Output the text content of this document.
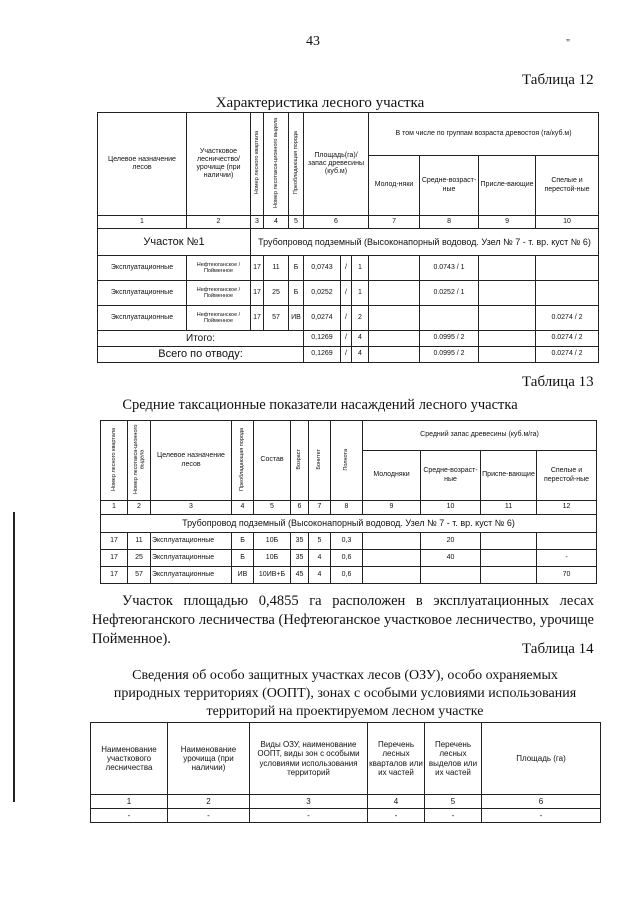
43	"
Таблица 12
Характеристика лесного участка
Целевое назначение лесов	Участковое лесничество/ урочище (при наличии)	Номер лесного квартала	Номер лесотакса-ционного выдела	Преобладающая порода	Площадь(га)/ запас древесины (куб.м)			В том числе по группам возраста древостоя (га/куб.м)			
								Молод-няки	Средне-возраст- ные	Присле-вающие	Спелые и перестой-ные
1	2	3	4	5	6			7	8	9	10
Участок №1		Трубопровод подземный (Высоконапорный водовод. Узел № 7 - т. вр. куст № 6)									
Эксплуатационные	Нефтеюганское / Пойменное	17	11	Б	0,0743	/	1		0.0743 / 1		
Эксплуатационные	Нефтеюганское / Пойменное	17	25	Б	0,0252	/	1		0.0252 / 1		
Эксплуатационные	Нефтеюганское / Пойменное	17	57	ИВ	0,0274	/	2				0.0274 / 2
Итого:					0,1269	/	4		0.0995 / 2		0.0274 / 2
Всего по отводу:					0,1269	/	4		0.0995 / 2		0.0274 / 2
Таблица 13
Средние таксационные показатели насаждений лесного участка
Номер лесного квартала	Номер лесотакса-ционного выдела	Целевое назначение лесов	Преобладающая порода	Состав	Возраст	Бонитет	Полнота	Средний запас древесины (куб.м/га)			
								Молодняки	Средне-возраст-ные	Приспе-вающие	Спелые и перестой-ные
1	2	3	4	5	6	7	8	9	10	11	12
Трубопровод подземный (Высоконапорный водовод. Узел № 7 - т. вр. куст № 6)											
17	11	Эксплуатационные	Б	10Б	35	5	0,3		20		
17	25	Эксплуатационные	Б	10Б	35	4	0,6		40		-
17	57	Эксплуатационные	ИВ	10ИВ+Б	45	4	0,6				70
Участок площадью 0,4855 га расположен в эксплуатационных лесах Нефтеюганского лесничества (Нефтеюганское участковое лесничество, урочище Пойменное).
Таблица 14
Сведения об особо защитных участках лесов (ОЗУ), особо охраняемых
природных территориях (ООПТ), зонах с особыми условиями использования
территорий на проектируемом лесном участке
Наименование участкового лесничества	Наименование урочища (при наличии)	Виды ОЗУ, наименование ООПТ, виды зон с особыми условиями использования территорий	Перечень лесных кварталов или их частей	Перечень лесных выделов или их частей	Площадь (га)
1	2	3	4	5	6
-	-	-	-	-	-
